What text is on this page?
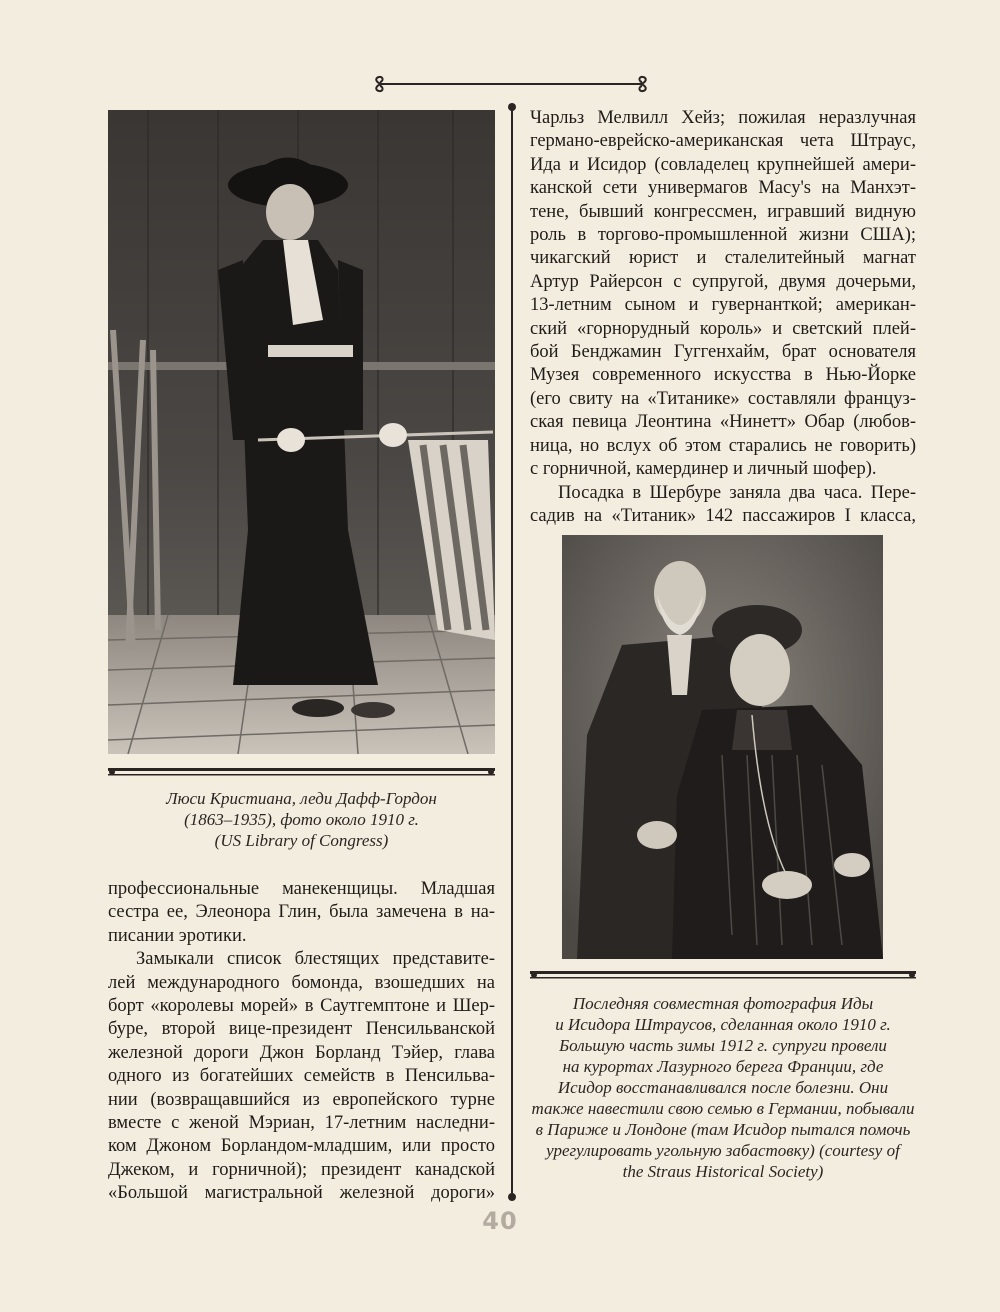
Люси Кристиана, леди Дафф-Гордон

(1863–1935), фото около 1910 г.

(US Library of Congress)

профессиональные манекенщицы. Младшая
сестра ее, Элеонора Глин, была замечена в на-
писании эротики.

Замыкали список блестящих представите-
лей международного бомонда, взошедших на
борт «королевы морей» в Саутгемптоне и Шер-
буре, второй вице-президент Пенсильванской
железной дороги Джон Борланд Тэйер, глава
одного из богатейших семейств в Пенсильва-
нии (возвращавшийся из европейского турне
вместе с женой Мэриан, 17-летним наследни-
ком Джоном Борландом-младшим, или просто
Джеком, и горничной); президент канадской
«Большой магистральной железной дороги»

Чарльз Мелвилл Хейз; пожилая неразлучная
германо-еврейско-американская чета Штраус,
Ида и Исидор (совладелец крупнейшей амери-
канской сети универмагов Macy's на Манхэт-
тене, бывший конгрессмен, игравший видную
роль в торгово-промышленной жизни США);
чикагский юрист и сталелитейный магнат
Артур Райерсон с супругой, двумя дочерьми,
13-летним сыном и гувернанткой; американ-
ский «горнорудный король» и светский плей-
бой Бенджамин Гуггенхайм, брат основателя
Музея современного искусства в Нью-Йорке
(его свиту на «Титанике» составляли француз-
ская певица Леонтина «Нинетт» Обар (любов-
ница, но вслух об этом старались не говорить)
с горничной, камердинер и личный шофер).

Посадка в Шербуре заняла два часа. Пере-
садив на «Титаник» 142 пассажиров I класса,

Последняя совместная фотография Иды

и Исидора Штраусов, сделанная около 1910 г.

Большую часть зимы 1912 г. супруги провели

на курортах Лазурного берега Франции, где

Исидор восстанавливался после болезни. Они

также навестили свою семью в Германии, побывали

в Париже и Лондоне (там Исидор пытался помочь

урегулировать угольную забастовку) (courtesy of

the Straus Historical Society)

40
